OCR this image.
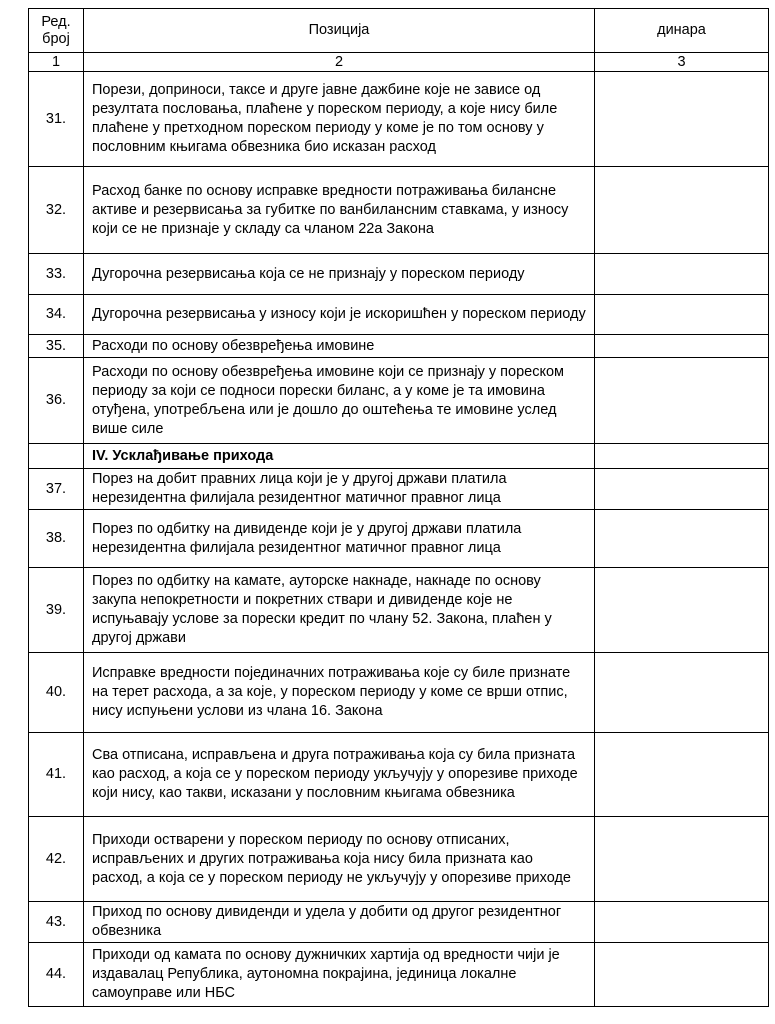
Ред. број	Позиција	динара
1	2	3
31.	Порези, доприноси, таксе и друге јавне дажбине које не зависе од резултата пословања, плаћене у пореском периоду, а које нису биле плаћене у претходном пореском периоду у коме је по том основу у пословним књигама обвезника био исказан расход	
32.	Расход банке по основу исправке вредности потраживања билансне активе и резервисања за губитке по ванбилансним ставкама, у износу који се не признаје у складу са чланом 22а Закона	
33.	Дугорочна резервисања која се не признају у пореском периоду	
34.	Дугорочна резервисања у износу који је искоришћен у пореском периоду	
35.	Расходи по основу обезвређења имовине	
36.	Расходи по основу обезвређења имовине који се признају у пореском периоду за који се подноси порески биланс, а у коме је та имовина отуђена, употребљена или је дошло до оштећења те имовине услед више силе	
	IV. Усклађивање прихода	
37.	Порез на добит правних лица који је у другој држави платила нерезидентна филијала резидентног матичног правног лица	
38.	Порез по одбитку на дивиденде који је у другој држави платила нерезидентна филијала резидентног матичног правног лица	
39.	Порез по одбитку на камате, ауторске накнаде, накнаде по основу закупа непокретности и покретних ствари и дивиденде које не испуњавају услове за порески кредит по члану 52. Закона, плаћен у другој држави	
40.	Исправке вредности појединачних потраживања које су биле признате на терет расхода, а за које, у пореском периоду у коме се врши отпис, нису испуњени услови из члана 16. Закона	
41.	Сва отписана, исправљена и друга потраживања која су била призната као расход, а која се у пореском периоду укључују у опорезиве приходе који нису, као такви, исказани у пословним књигама обвезника	
42.	Приходи остварени у пореском периоду по основу отписаних, исправљених и других потраживања која нису била призната као расход, а која се у пореском периоду не укључују у опорезиве приходе	
43.	Приход по основу дивиденди и удела у добити од другог резидентног обвезника	
44.	Приходи од камата по основу дужничких хартија од вредности чији је издавалац Република, аутономна покрајина, јединица локалне самоуправе или НБС	
